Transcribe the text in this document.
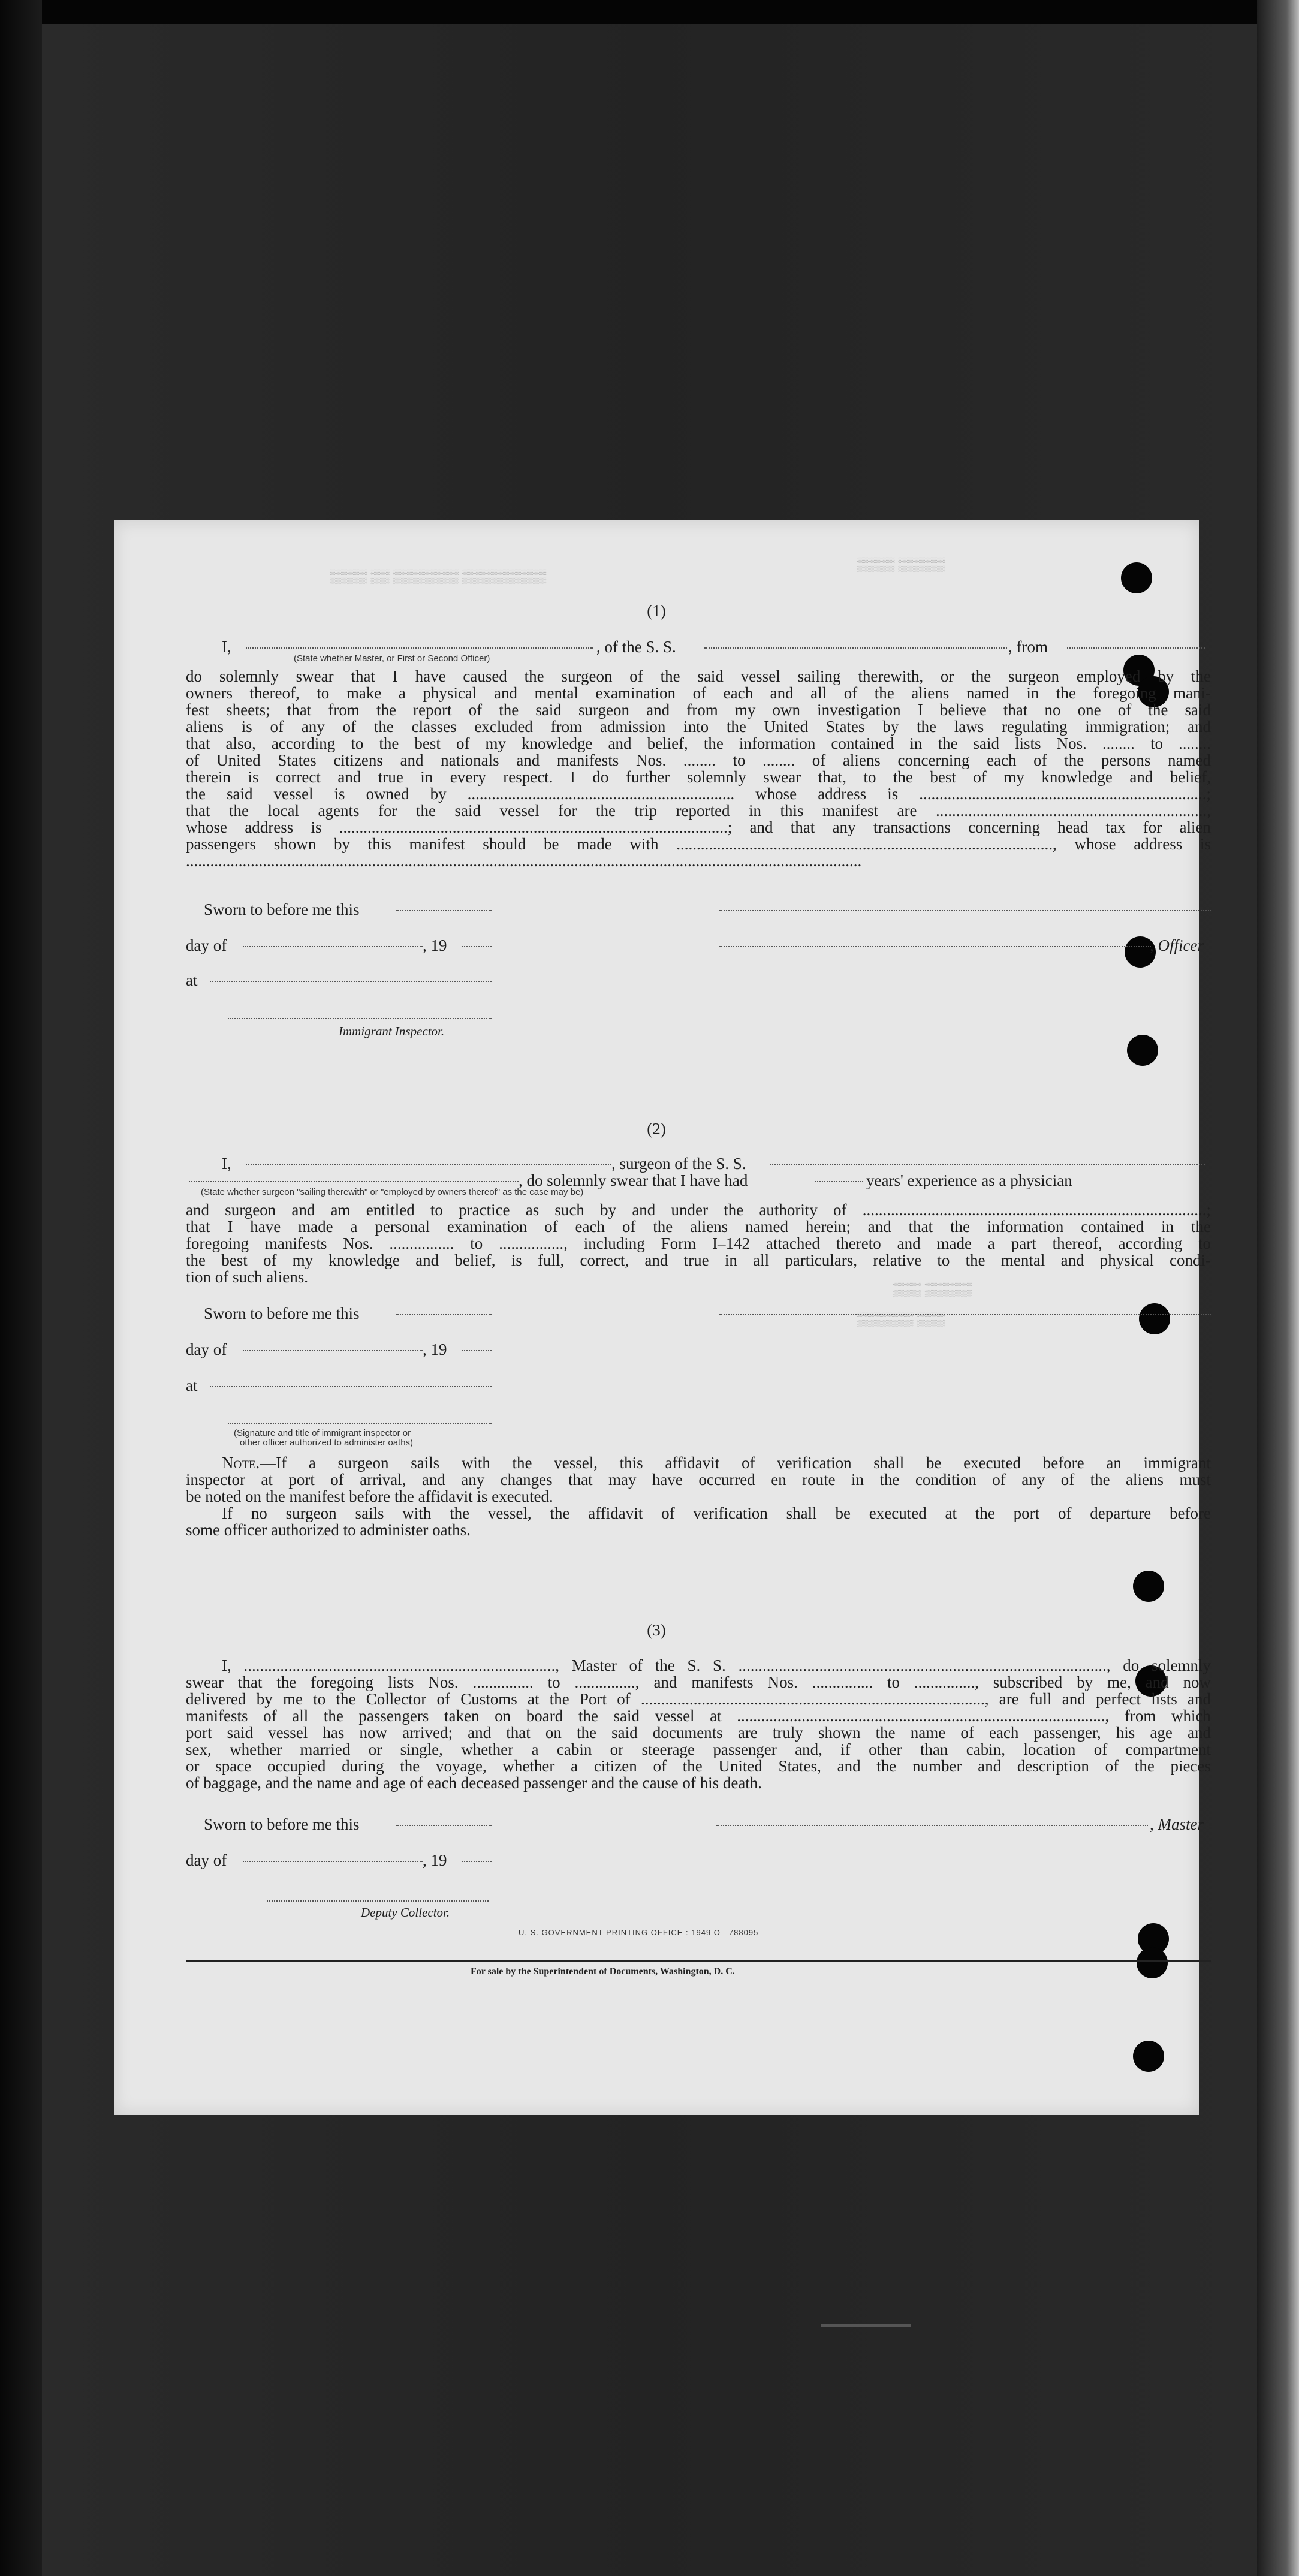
▒▒▒▒ ▒▒ ▒▒▒▒▒▒▒ ▒▒▒▒▒▒▒▒▒
▒▒▒▒ ▒▒▒▒▒
▒▒▒ ▒▒▒▒▒
▒▒▒▒▒▒ ▒▒▒
(1)
I,	, of the S. S.	, from
(State whether Master, or First or Second Officer)
do solemnly swear that I have caused the surgeon of the said vessel sailing therewith, or the surgeon employed by the
owners thereof, to make a physical and mental examination of each and all of the aliens named in the foregoing mani-
fest sheets; that from the report of the said surgeon and from my own investigation I believe that no one of the said
aliens is of any of the classes excluded from admission into the United States by the laws regulating immigration; and
that also, according to the best of my knowledge and belief, the information contained in the said lists Nos. ........ to ........
of United States citizens and nationals and manifests Nos. ........ to ........ of aliens concerning each of the persons named
therein is correct and true in every respect. I do further solemnly swear that, to the best of my knowledge and belief,
the said vessel is owned by .................................................................. whose address is .......................................................................;
that the local agents for the said vessel for the trip reported in this manifest are ...................................................................,
whose address is ................................................................................................; and that any transactions concerning head tax for alien
passengers shown by this manifest should be made with ............................................................................................., whose address is
.......................................................................................................................................................................
Sworn to before me this
day of	, 19	, Officer
at
Immigrant Inspector.
(2)
I,	, surgeon of the S. S.
, do solemnly swear that I have had	years' experience as a physician
(State whether surgeon "sailing therewith" or "employed by owners thereof" as the case may be)
and surgeon and am entitled to practice as such by and under the authority of .....................................................................................;
that I have made a personal examination of each of the aliens named herein; and that the information contained in the
foregoing manifests Nos. ................ to ................, including Form I–142 attached thereto and made a part thereof, according to
the best of my knowledge and belief, is full, correct, and true in all particulars, relative to the mental and physical condi-
tion of such aliens.
Sworn to before me this
day of	, 19
at
(Signature and title of immigrant inspector or
other officer authorized to administer oaths)
Note.—If a surgeon sails with the vessel, this affidavit of verification shall be executed before an immigrant
inspector at port of arrival, and any changes that may have occurred en route in the condition of any of the aliens must
be noted on the manifest before the affidavit is executed.
If no surgeon sails with the vessel, the affidavit of verification shall be executed at the port of departure before
some officer authorized to administer oaths.
(3)
I, ............................................................................., Master of the S. S. ..........................................................................................., do solemnly
swear that the foregoing lists Nos. ............... to ..............., and manifests Nos. ............... to ..............., subscribed by me, and now
delivered by me to the Collector of Customs at the Port of ....................................................................................., are full and perfect lists and
manifests of all the passengers taken on board the said vessel at ..........................................................................................., from which
port said vessel has now arrived; and that on the said documents are truly shown the name of each passenger, his age and
sex, whether married or single, whether a cabin or steerage passenger and, if other than cabin, location of compartment
or space occupied during the voyage, whether a citizen of the United States, and the number and description of the pieces
of baggage, and the name and age of each deceased passenger and the cause of his death.
Sworn to before me this	, Master
day of	, 19
Deputy Collector.
U. S. GOVERNMENT PRINTING OFFICE : 1949 O—788095
For sale by the Superintendent of Documents, Washington, D. C.
